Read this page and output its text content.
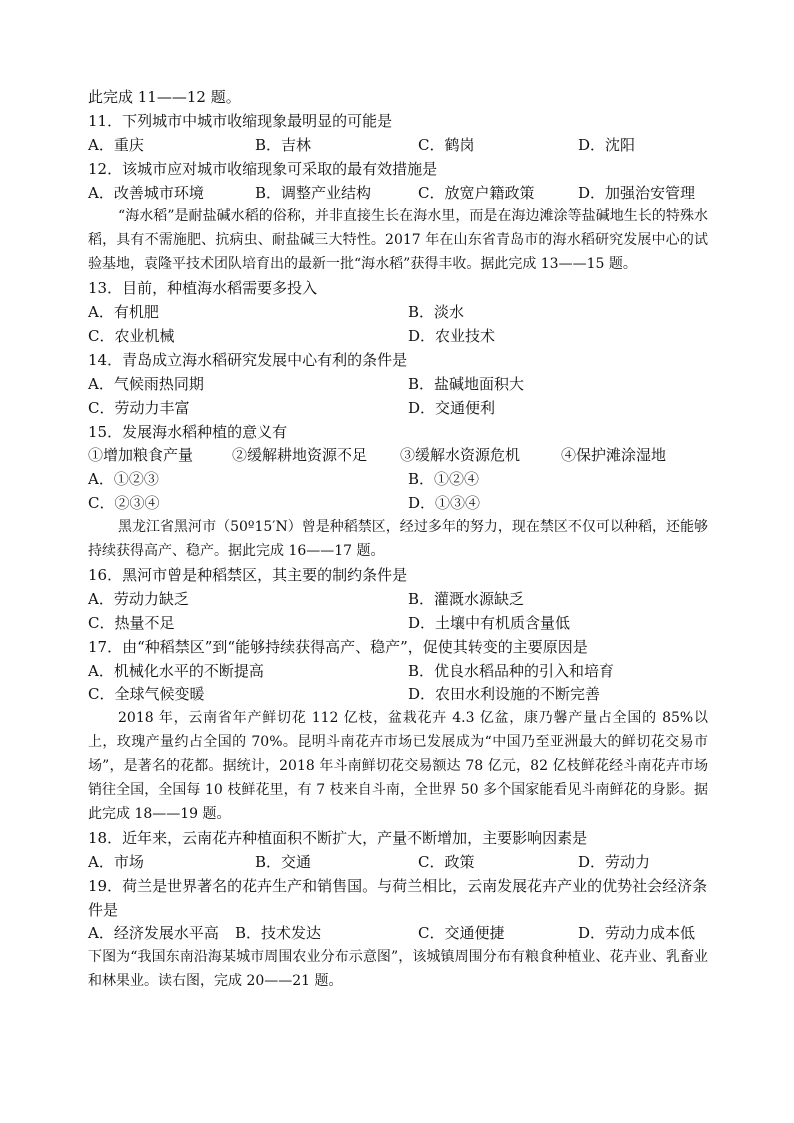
此完成 11——12 题。
11．下列城市中城市收缩现象最明显的可能是
A．重庆	B．吉林	C．鹤岗	D．沈阳
12．该城市应对城市收缩现象可采取的最有效措施是
A．改善城市环境	B．调整产业结构	C．放宽户籍政策	D．加强治安管理
“海水稻”是耐盐碱水稻的俗称，并非直接生长在海水里，而是在海边滩涂等盐碱地生长的特殊水稻，具有不需施肥、抗病虫、耐盐碱三大特性。2017 年在山东省青岛市的海水稻研究发展中心的试验基地，袁隆平技术团队培育出的最新一批“海水稻”获得丰收。据此完成 13——15 题。
13．目前，种植海水稻需要多投入
A．有机肥	B．淡水
C．农业机械	D．农业技术
14．青岛成立海水稻研究发展中心有利的条件是
A．气候雨热同期	B．盐碱地面积大
C．劳动力丰富	D．交通便利
15．发展海水稻种植的意义有
①增加粮食产量	②缓解耕地资源不足	③缓解水资源危机	④保护滩涂湿地
A．①②③	B．①②④
C．②③④	D．①③④
黑龙江省黑河市（50º15′N）曾是种稻禁区，经过多年的努力，现在禁区不仅可以种稻，还能够持续获得高产、稳产。据此完成 16——17 题。
16．黑河市曾是种稻禁区，其主要的制约条件是
A．劳动力缺乏	B．灌溉水源缺乏
C．热量不足	D．土壤中有机质含量低
17．由“种稻禁区”到“能够持续获得高产、稳产”，促使其转变的主要原因是
A．机械化水平的不断提高	B．优良水稻品种的引入和培育
C．全球气候变暖	D．农田水利设施的不断完善
2018 年，云南省年产鲜切花 112 亿枝，盆栽花卉 4.3 亿盆，康乃馨产量占全国的 85%以上，玫瑰产量约占全国的 70%。昆明斗南花卉市场已发展成为“中国乃至亚洲最大的鲜切花交易市场”，是著名的花都。据统计，2018 年斗南鲜切花交易额达 78 亿元，82 亿枝鲜花经斗南花卉市场销往全国，全国每 10 枝鲜花里，有 7 枝来自斗南，全世界 50 多个国家能看见斗南鲜花的身影。据此完成 18——19 题。
18．近年来，云南花卉种植面积不断扩大，产量不断增加，主要影响因素是
A．市场	B．交通	C．政策	D．劳动力
19．荷兰是世界著名的花卉生产和销售国。与荷兰相比，云南发展花卉产业的优势社会经济条件是
A．经济发展水平高	B．技术发达	C．交通便捷	D．劳动力成本低
下图为“我国东南沿海某城市周围农业分布示意图”，该城镇周围分布有粮食种植业、花卉业、乳畜业和林果业。读右图，完成 20——21 题。
